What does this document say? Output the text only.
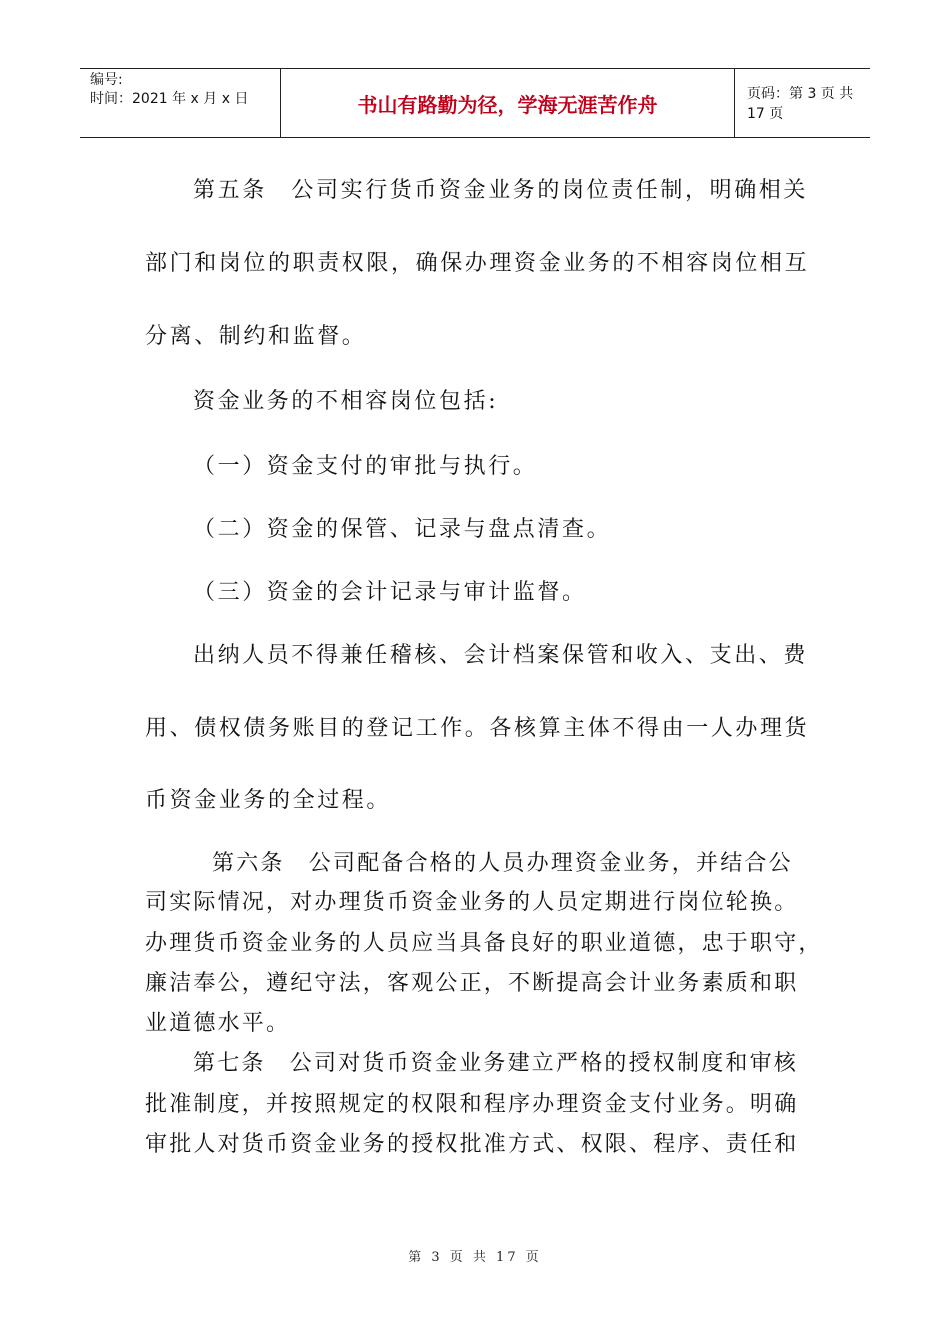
编号:
时间：2021 年 x 月 x 日	书山有路勤为径，学海无涯苦作舟	页码：第 3 页 共 17 页
第五条　公司实行货币资金业务的岗位责任制，明确相关
部门和岗位的职责权限，确保办理资金业务的不相容岗位相互
分离、制约和监督。
资金业务的不相容岗位包括:
（一）资金支付的审批与执行。
（二）资金的保管、记录与盘点清查。
（三）资金的会计记录与审计监督。
出纳人员不得兼任稽核、会计档案保管和收入、支出、费
用、债权债务账目的登记工作。各核算主体不得由一人办理货
币资金业务的全过程。
第六条　公司配备合格的人员办理资金业务，并结合公
司实际情况，对办理货币资金业务的人员定期进行岗位轮换。
办理货币资金业务的人员应当具备良好的职业道德，忠于职守，
廉洁奉公，遵纪守法，客观公正，不断提高会计业务素质和职
业道德水平。
第七条　公司对货币资金业务建立严格的授权制度和审核
批准制度，并按照规定的权限和程序办理资金支付业务。明确
审批人对货币资金业务的授权批准方式、权限、程序、责任和
第 3 页 共 17 页
